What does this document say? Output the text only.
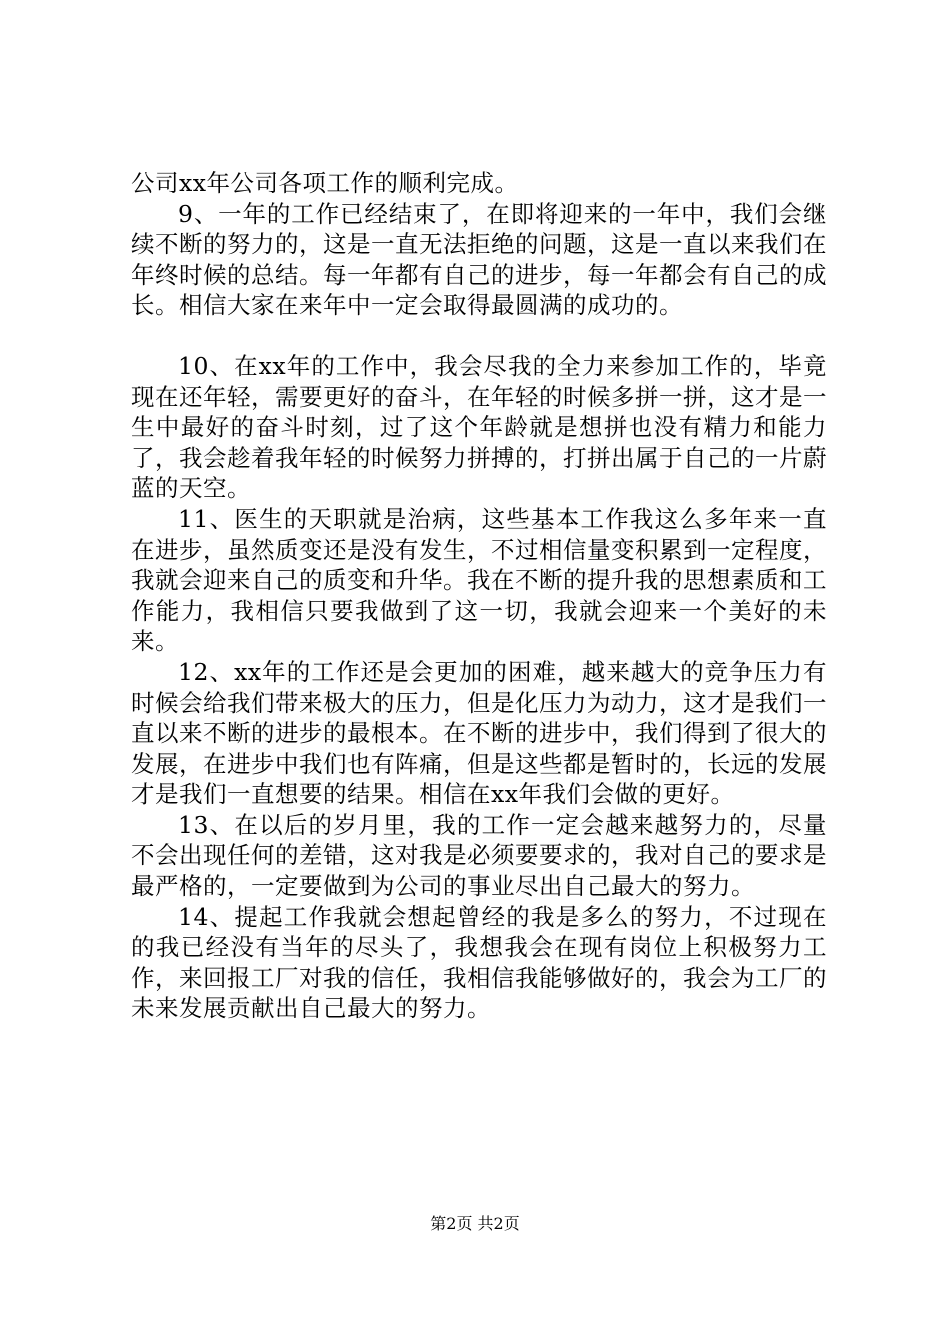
公司xx年公司各项工作的顺利完成。

9、一年的工作已经结束了，在即将迎来的一年中，我们会继续不断的努力的，这是一直无法拒绝的问题，这是一直以来我们在年终时候的总结。每一年都有自己的进步，每一年都会有自己的成长。相信大家在来年中一定会取得最圆满的成功的。

10、在xx年的工作中，我会尽我的全力来参加工作的，毕竟现在还年轻，需要更好的奋斗，在年轻的时候多拼一拼，这才是一生中最好的奋斗时刻，过了这个年龄就是想拼也没有精力和能力了，我会趁着我年轻的时候努力拼搏的，打拼出属于自己的一片蔚蓝的天空。

11、医生的天职就是治病，这些基本工作我这么多年来一直在进步，虽然质变还是没有发生，不过相信量变积累到一定程度，我就会迎来自己的质变和升华。我在不断的提升我的思想素质和工作能力，我相信只要我做到了这一切，我就会迎来一个美好的未来。

12、xx年的工作还是会更加的困难，越来越大的竞争压力有时候会给我们带来极大的压力，但是化压力为动力，这才是我们一直以来不断的进步的最根本。在不断的进步中，我们得到了很大的发展，在进步中我们也有阵痛，但是这些都是暂时的，长远的发展才是我们一直想要的结果。相信在xx年我们会做的更好。

13、在以后的岁月里，我的工作一定会越来越努力的，尽量不会出现任何的差错，这对我是必须要要求的，我对自己的要求是最严格的，一定要做到为公司的事业尽出自己最大的努力。

14、提起工作我就会想起曾经的我是多么的努力，不过现在的我已经没有当年的尽头了，我想我会在现有岗位上积极努力工作，来回报工厂对我的信任，我相信我能够做好的，我会为工厂的未来发展贡献出自己最大的努力。

第2页 共2页
